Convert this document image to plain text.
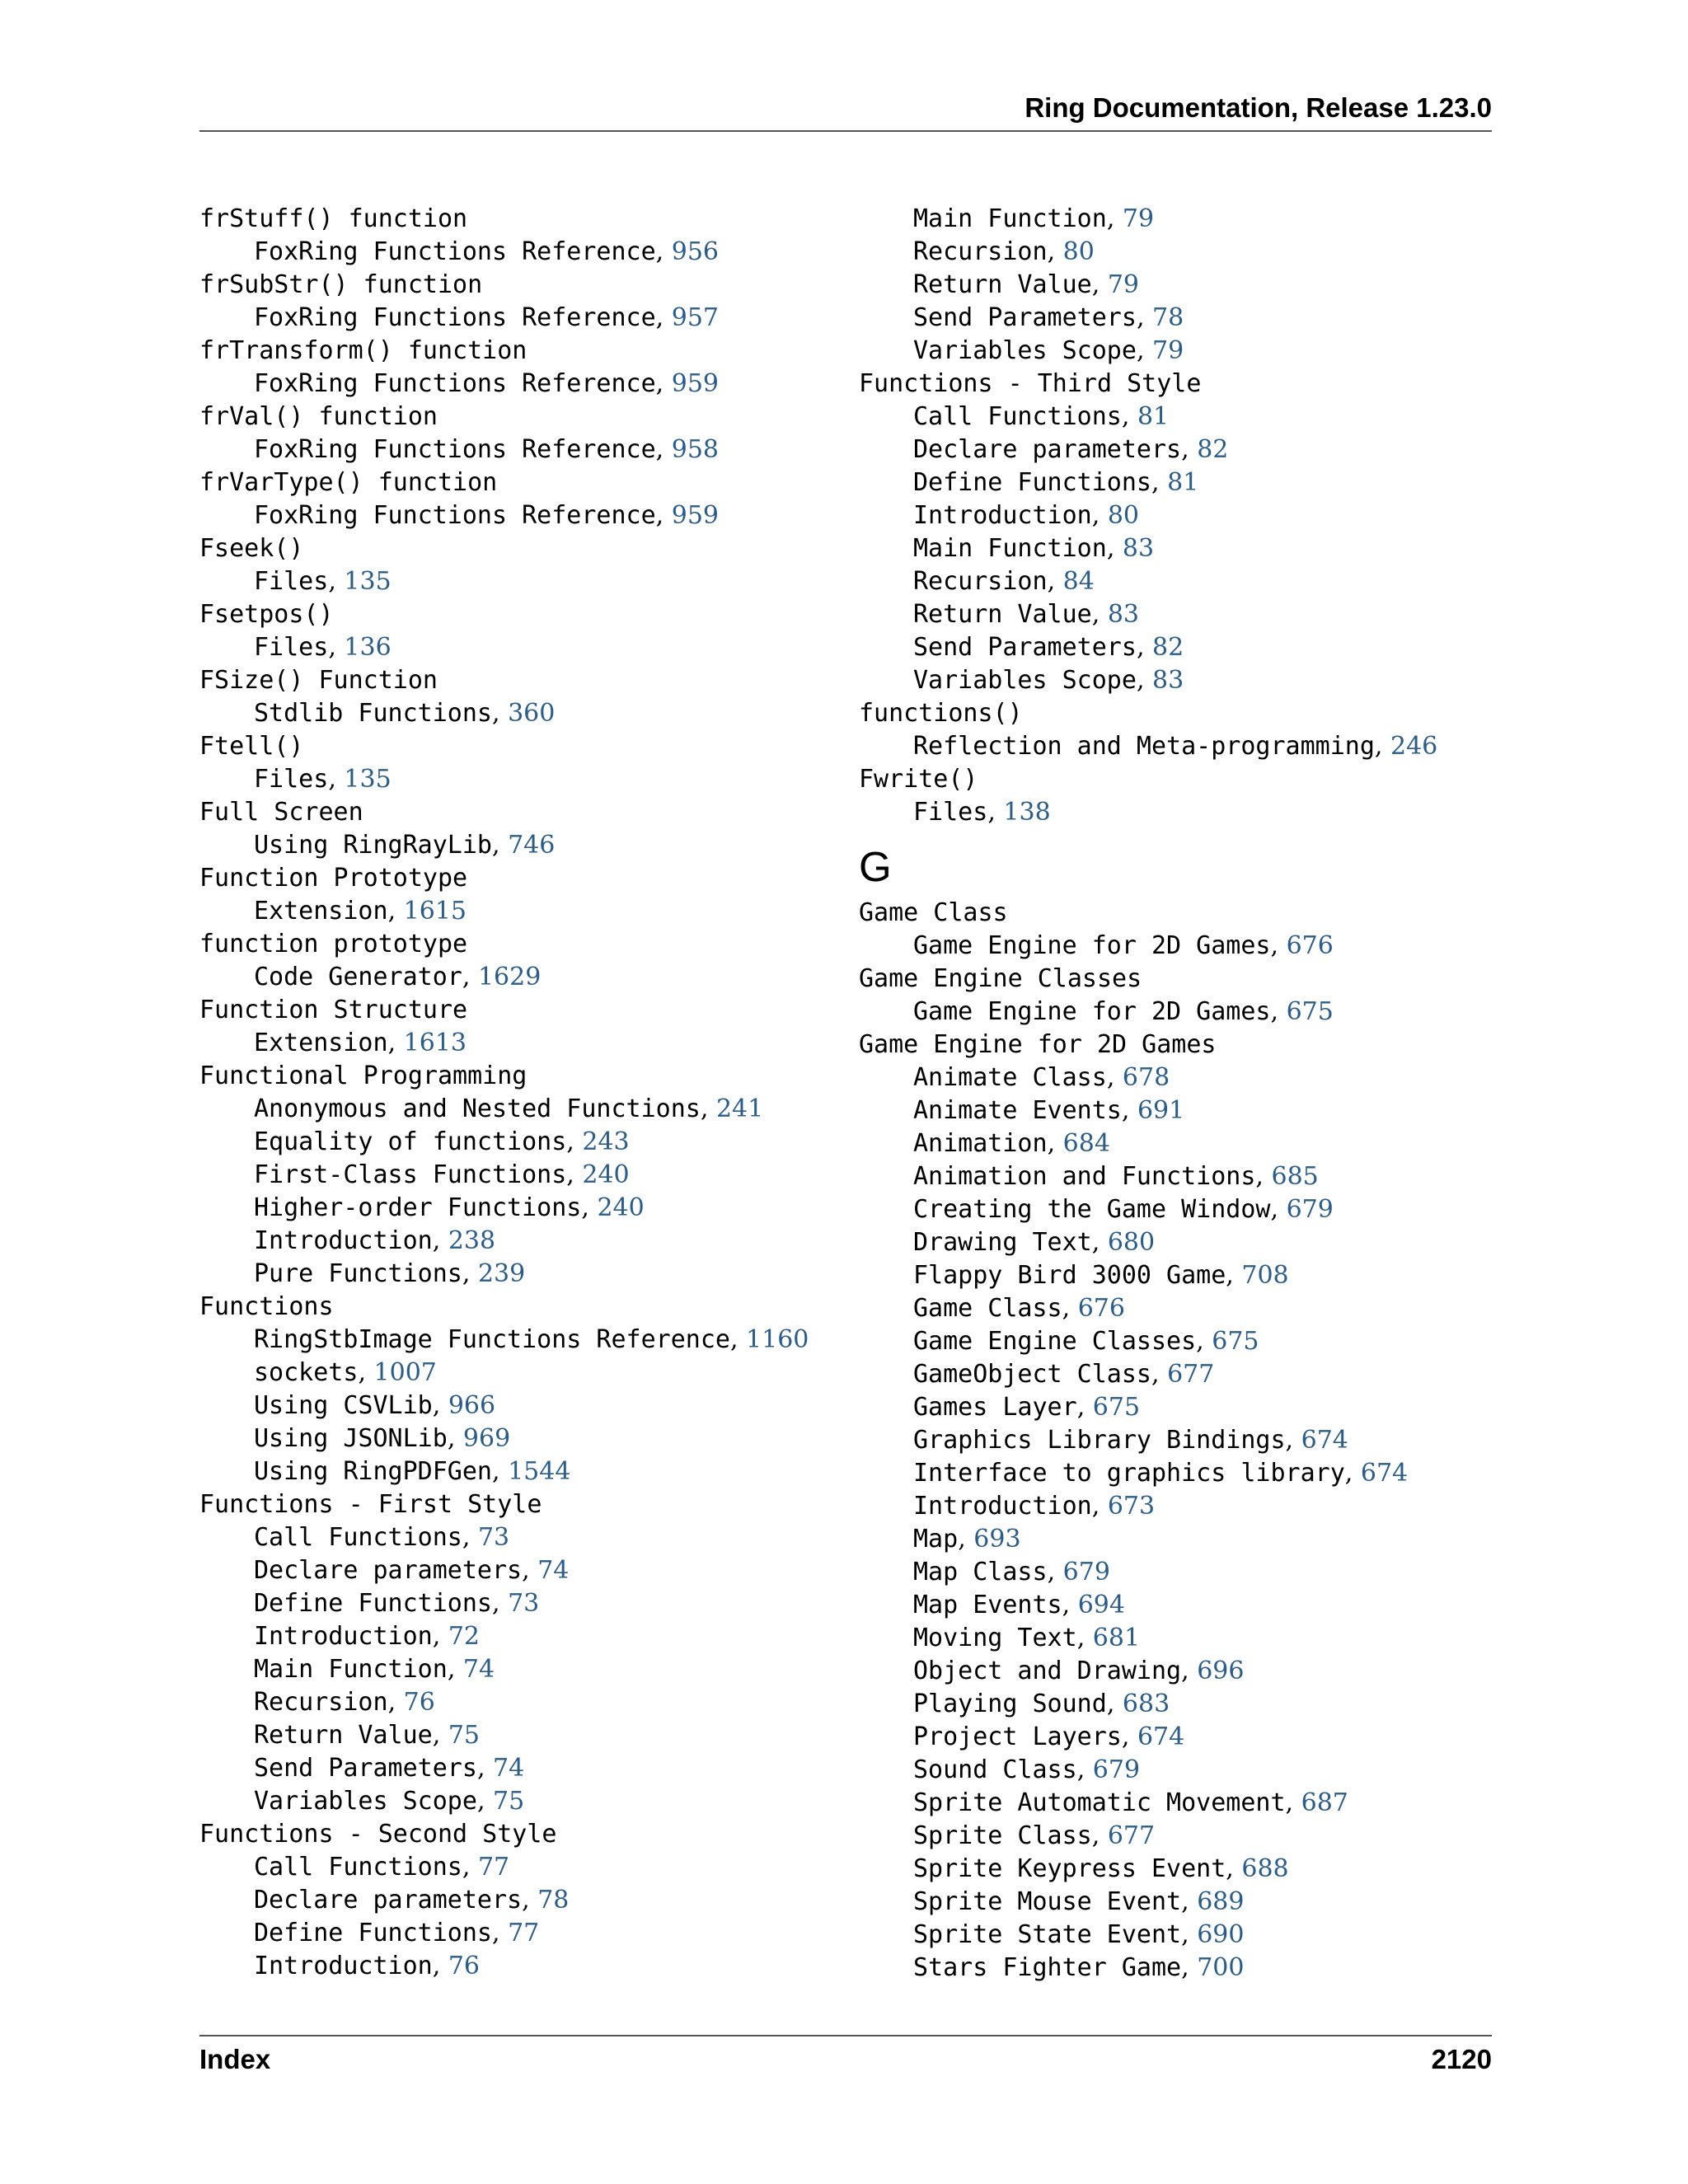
Ring Documentation, Release 1.23.0
frStuff() function
FoxRing Functions Reference, 956
frSubStr() function
FoxRing Functions Reference, 957
frTransform() function
FoxRing Functions Reference, 959
frVal() function
FoxRing Functions Reference, 958
frVarType() function
FoxRing Functions Reference, 959
Fseek()
Files, 135
Fsetpos()
Files, 136
FSize() Function
Stdlib Functions, 360
Ftell()
Files, 135
Full Screen
Using RingRayLib, 746
Function Prototype
Extension, 1615
function prototype
Code Generator, 1629
Function Structure
Extension, 1613
Functional Programming
Anonymous and Nested Functions, 241
Equality of functions, 243
First-Class Functions, 240
Higher-order Functions, 240
Introduction, 238
Pure Functions, 239
Functions
RingStbImage Functions Reference, 1160
sockets, 1007
Using CSVLib, 966
Using JSONLib, 969
Using RingPDFGen, 1544
Functions - First Style
Call Functions, 73
Declare parameters, 74
Define Functions, 73
Introduction, 72
Main Function, 74
Recursion, 76
Return Value, 75
Send Parameters, 74
Variables Scope, 75
Functions - Second Style
Call Functions, 77
Declare parameters, 78
Define Functions, 77
Introduction, 76
Main Function, 79
Recursion, 80
Return Value, 79
Send Parameters, 78
Variables Scope, 79
Functions - Third Style
Call Functions, 81
Declare parameters, 82
Define Functions, 81
Introduction, 80
Main Function, 83
Recursion, 84
Return Value, 83
Send Parameters, 82
Variables Scope, 83
functions()
Reflection and Meta-programming, 246
Fwrite()
Files, 138
G
Game Class
Game Engine for 2D Games, 676
Game Engine Classes
Game Engine for 2D Games, 675
Game Engine for 2D Games
Animate Class, 678
Animate Events, 691
Animation, 684
Animation and Functions, 685
Creating the Game Window, 679
Drawing Text, 680
Flappy Bird 3000 Game, 708
Game Class, 676
Game Engine Classes, 675
GameObject Class, 677
Games Layer, 675
Graphics Library Bindings, 674
Interface to graphics library, 674
Introduction, 673
Map, 693
Map Class, 679
Map Events, 694
Moving Text, 681
Object and Drawing, 696
Playing Sound, 683
Project Layers, 674
Sound Class, 679
Sprite Automatic Movement, 687
Sprite Class, 677
Sprite Keypress Event, 688
Sprite Mouse Event, 689
Sprite State Event, 690
Stars Fighter Game, 700
Index	2120
